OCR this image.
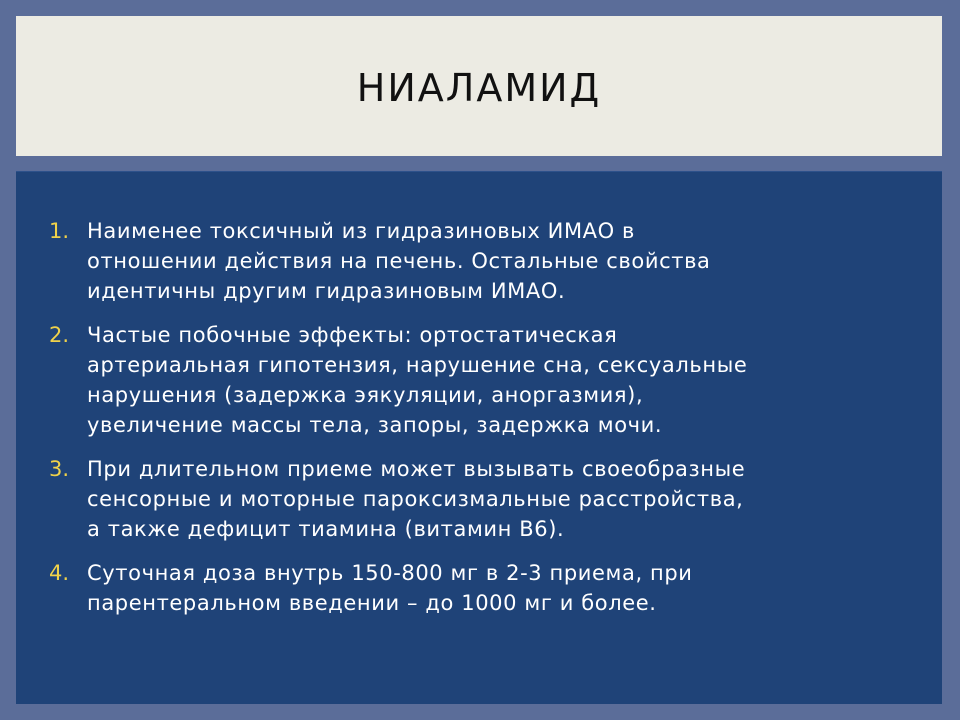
НИАЛАМИД
1. Наименее токсичный из гидразиновых ИМАО в
отношении действия на печень. Остальные свойства
идентичны другим гидразиновым ИМАО.
2. Частые побочные эффекты: ортостатическая
артериальная гипотензия, нарушение сна, сексуальные
нарушения (задержка эякуляции, аноргазмия),
увеличение массы тела, запоры, задержка мочи.
3. При длительном приеме может вызывать своеобразные
сенсорные и моторные пароксизмальные расстройства,
а также дефицит тиамина (витамин В6).
4. Суточная доза внутрь 150-800 мг в 2-3 приема, при
парентеральном введении – до 1000 мг и более.
